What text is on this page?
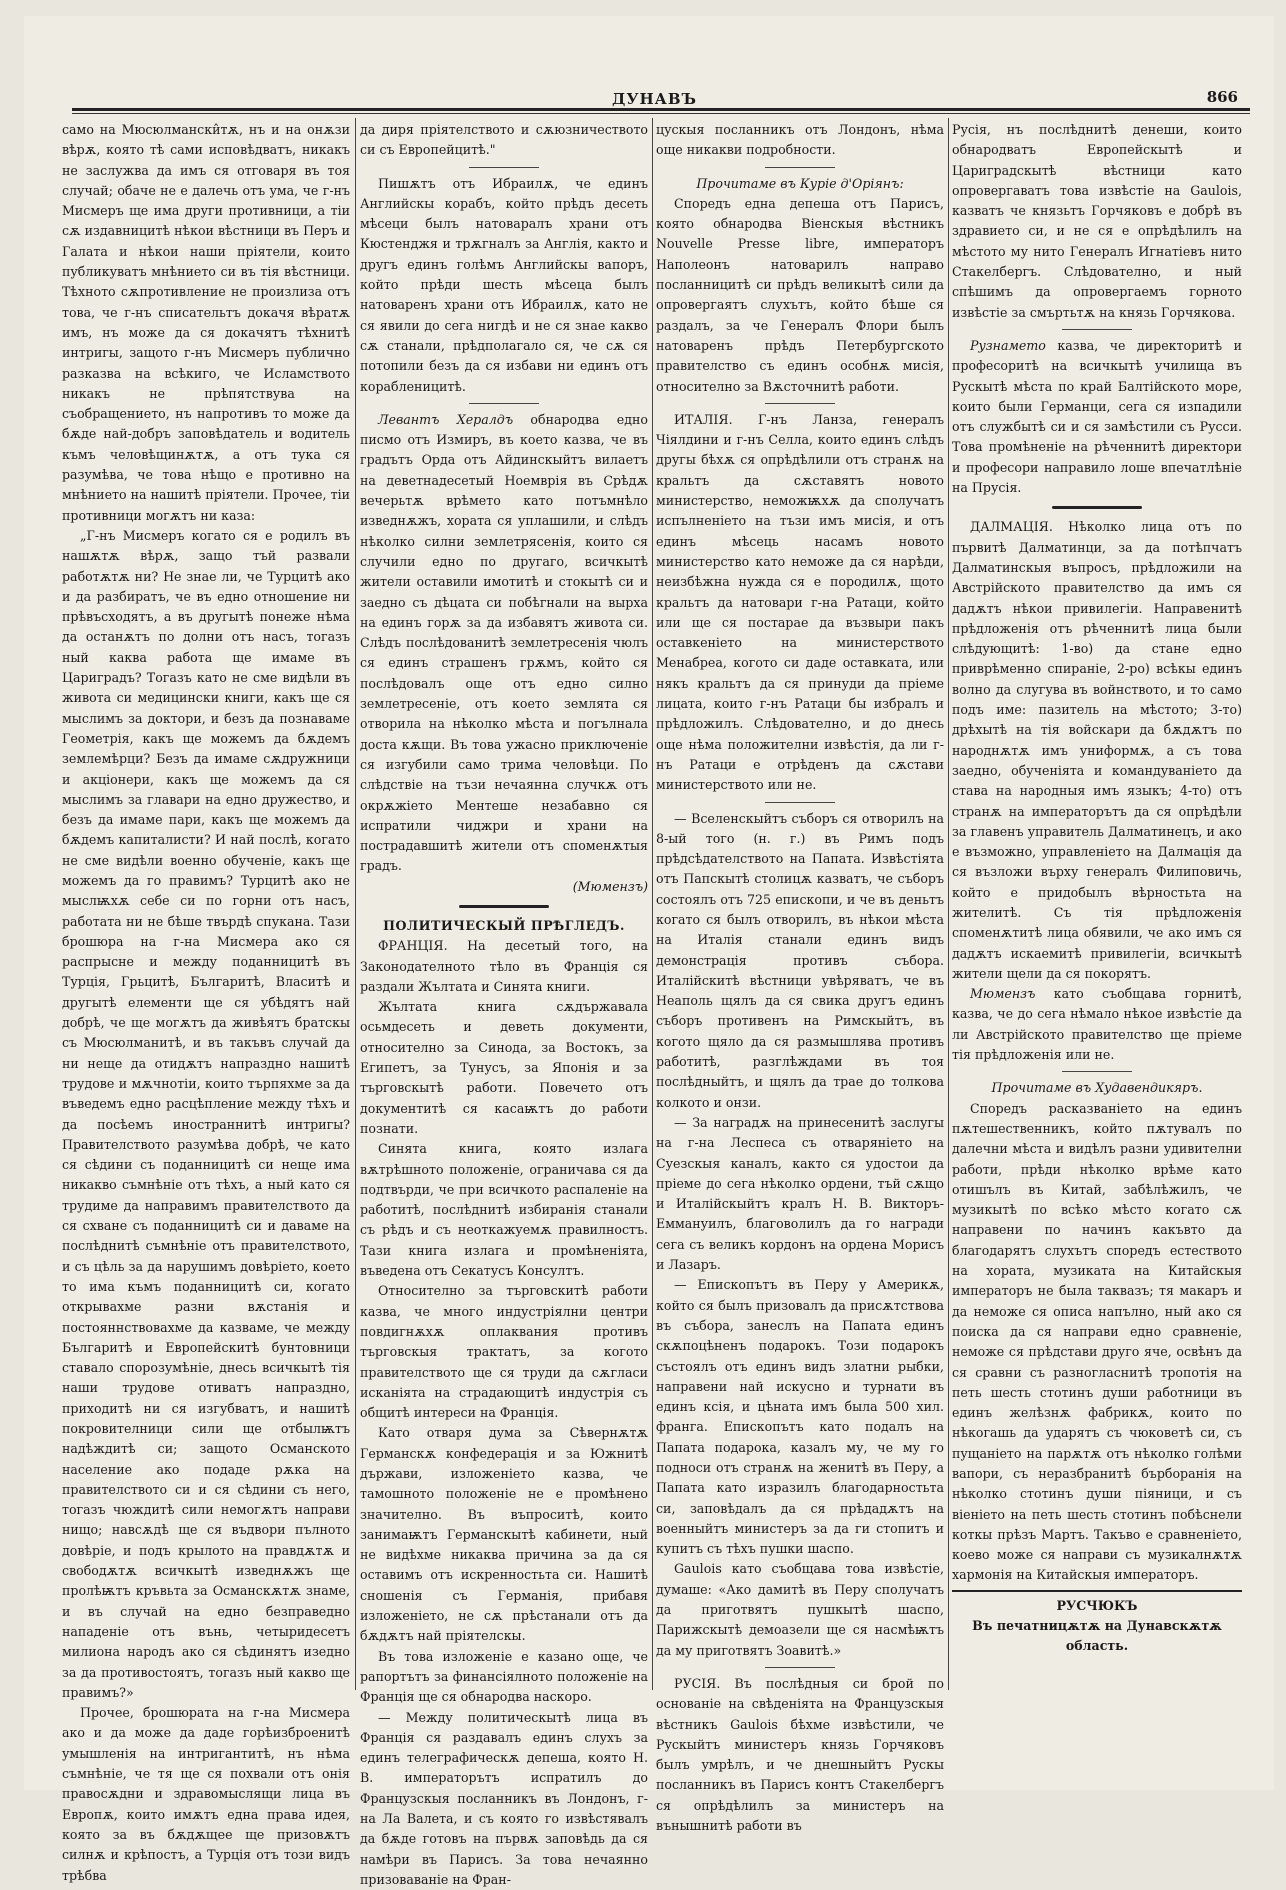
ДУНАВЪ	866

само на Мюсюлмански̂тѫ, нъ и на онѫзи вѣрѫ, която тѣ сами исповѣдватъ, никакъ не заслужва да имъ ся отговаря въ тоя случай; обаче не е далечь отъ ума, че г-нъ Мисмеръ ще има други противници, а тіи сѫ издавницитѣ нѣкои вѣстници въ Перъ и Галата и нѣкои наши пріятели, които публикуватъ мнѣнието си въ тія вѣстници. Тѣхното сѫпротивление не произлиза отъ това, че г-нъ списательтъ докачя вѣратѫ имъ, нъ може да ся докачятъ тѣхнитѣ интригы, защото г-нъ Мисмеръ публично разказва на всѣкиго, че Исламството никакъ не прѣпятствува на съобращението, нъ напротивъ то може да бѫде най-добръ заповѣдатель и водитель къмъ человѣщинѫтѫ, а отъ тука ся разумѣва, че това нѣщо е противно на мнѣнието на нашитѣ пріятели. Прочее, тіи противници могѫтъ ни каза:

„Г-нъ Мисмеръ когато ся е родилъ въ нашѫтѫ вѣрѫ, защо тъй развали работѫтѫ ни? Не знае ли, че Турцитѣ ако и да разбиратъ, че въ едно отношение ни прѣвъсходятъ, а въ другытѣ понеже нѣма да останѫтъ по долни отъ насъ, тогазъ ный каква работа ще имаме въ Цариградъ? Тогазъ като не сме видѣли въ живота си медицински книги, какъ ще ся мыслимъ за доктори, и безъ да познаваме Геометрія, какъ ще можемъ да бѫдемъ землемѣрци? Безъ да имаме сѫдружници и акціонери, какъ ще можемъ да ся мыслимъ за главари на едно дружество, и безъ да имаме пари, какъ ще можемъ да бѫдемъ капиталисти? И най послѣ, когато не сме видѣли военно обученіе, какъ ще можемъ да го правимъ? Турцитѣ ако не мыслѭхѫ себе си по горни отъ насъ, работата ни не бѣше твърдѣ спукана. Тази брошюра на г-на Мисмера ако ся распрысне и между поданницитѣ въ Турція, Грьцитѣ, Българитѣ, Власитѣ и другытѣ елементи ще ся убѣдятъ най добрѣ, че ще могѫтъ да живѣятъ братскы съ Мюсюлманитѣ, и въ такъвъ случай да ни неще да отидѫтъ напраздно нашитѣ трудове и мѫчнотіи, които търпяхме за да въведемъ едно расцѣпление между тѣхъ и да посѣемъ иностраннитѣ интригы? Правителството разумѣва добрѣ, че като ся сѣдини съ поданницитѣ си неще има никакво съмнѣніе отъ тѣхъ, а ный като ся трудиме да направимъ правителството да ся схване съ поданницитѣ си и даваме на послѣднитѣ съмнѣніе отъ правителството, и съ цѣль за да нарушимъ довѣріето, което то има къмъ поданницитѣ си, когато открывахме разни вѫстанія и постояннствовахме да казваме, че между Българитѣ и Европейскитѣ бунтовници ставало спорозумѣніе, днесь всичкытѣ тія наши трудове отиватъ напраздно, приходитѣ ни ся изгубватъ, и нашитѣ покровителници сили ще отбылѭтъ надѣждитѣ си; защото Османското население ако подаде рѫка на правителството си и ся сѣдини съ него, тогазъ чюждитѣ сили немогѫтъ направи нищо; навсѫдѣ ще ся въдвори пълното довѣріе, и подъ крылото на правдѫтѫ и свободѫтѫ всичкытѣ изведнѫжъ ще пролѣѭтъ кръвьта за Османскѫтѫ знаме, и въ случай на едно безправедно нападеніе отъ вънь, четыридесетъ милиона народъ ако ся сѣдинятъ изедно за да противостоятъ, тогазъ ный какво ще правимъ?»

Прочее, брошюрата на г-на Мисмера ако и да може да даде горѣизброенитѣ умышленія на интригантитѣ, нъ нѣма съмнѣніе, че тя ще ся похвали отъ онія правосѫдни и здравомыслящи лица въ Европѫ, които имѫтъ една права идея, която за въ бѫдѫщее ще призовѫтъ силнѫ и крѣпостъ, а Турція отъ този видъ трѣбва

да диря пріятелството и сѫюзничеството си съ Европейцитѣ."

Пишѫтъ отъ Ибраилѫ, че единъ Английскы корабъ, който прѣдъ десеть мѣсеци былъ натоваралъ храни отъ Кюстенджя и трѫгналъ за Англія, както и другъ единъ голѣмъ Английскы вапоръ, който прѣди шесть мѣсеца былъ натоваренъ храни отъ Ибраилѫ, като не ся явили до сега нигдѣ и не ся знае какво сѫ станали, прѣдполагало ся, че сѫ ся потопили безъ да ся избави ни единъ отъ корабленицитѣ.

Левантъ Хералдъ обнародва едно писмо отъ Измиръ, въ което казва, че въ градътъ Орда отъ Айдинскыйтъ вилаетъ на деветнадесетый Ноемврія въ Срѣдѫ вечерьтѫ врѣмето като потъмнѣло изведнѫжъ, хората ся уплашили, и слѣдъ нѣколко силни землетрясенія, които ся случили едно по другаго, всичкытѣ жители оставили имотитѣ и стокытѣ си и заедно съ дѣцата си побѣгнали на вырха на единъ горѫ за да избавятъ живота си. Слѣдъ послѣдованитѣ землетресенія чюлъ ся единъ страшенъ грѫмъ, който ся послѣдовалъ още отъ едно силно землетресеніе, отъ което землята ся отворила на нѣколко мѣста и погълнала доста кѫщи. Въ това ужасно приключеніе ся изгубили само трима человѣци. По слѣдствіе на тъзи нечаянна случкѫ отъ окрѫжіето Ментеше незабавно ся испратили чиджри и храни на пострадавшитѣ жители отъ споменѫтыя градъ.

(Мюмензъ)

ПОЛИТИЧЕСКЫЙ ПРѢГЛЕДЪ.

ФРАНЦІЯ. На десетый того, на Законодателното тѣло въ Франція ся раздали Жълтата и Синята книги.

Жълтата книга сѫдържавала осьмдесеть и деветь документи, относително за Синода, за Востокъ, за Египетъ, за Тунусъ, за Японія и за търговскытѣ работи. Повечето отъ документитѣ ся касаѭтъ до работи познати.

Синята книга, която излага вѫтрѣшното положеніе, ограничава ся да подтвърди, че при всичкото распаленіе на работитѣ, послѣднитѣ избиранія станали съ рѣдъ и съ неоткажуемѫ правилностъ. Тази книга излага и промѣненіята, въведена отъ Секатусъ Консултъ.

Относително за търговскитѣ работи казва, че много индустріялни центри повдигнѫхѫ оплаквания противъ търговскыя трактатъ, за когото правителството ще ся труди да сѫгласи исканіята на страдающитѣ индустрія съ общитѣ интереси на Франція.

Като отваря дума за Сѣвернѫтѫ Германскѫ конфедерація и за Южнитѣ държави, изложеніето казва, че тамошното положеніе не е промѣнено значително. Въ въпроситѣ, които занимаѭтъ Германскытѣ кабинети, ный не видѣхме никаква причина за да ся оставимъ отъ искренностьта си. Нашитѣ сношенія съ Германія, прибавя изложеніето, не сѫ прѣстанали отъ да бѫдѫтъ най пріятелскы.

Въ това изложеніе е казано още, че рапортътъ за финансіялното положеніе на Франція ще ся обнародва наскоро.

— Между политическытѣ лица въ Франція ся раздавалъ единъ слухъ за единъ телеграфическѫ депеша, която Н. В. императорътъ испратилъ до Французскыя посланникъ въ Лондонъ, г-на Ла Валета, и съ която го извѣстявалъ да бѫде готовъ на първѫ заповѣдь да ся намѣри въ Парисъ. За това нечаянно призоваваніе на Фран-

цускыя посланникъ отъ Лондонъ, нѣма още никакви подробности.

Прочитаме въ Куріе д'Оріянъ:

Споредъ една депеша отъ Парисъ, която обнародва Віенскыя вѣстникъ Nouvelle Presse libre, императоръ Наполеонъ натоварилъ направо посланницитѣ си прѣдъ великытѣ сили да опровергаятъ слухътъ, който бѣше ся раздалъ, за че Генералъ Флори былъ натоваренъ прѣдъ Петербургското правителство съ единъ особнѫ мисія, относително за Вѫсточнитѣ работи.

ИТАЛІЯ. Г-нъ Ланза, генералъ Чіялдини и г-нъ Селла, които единъ слѣдъ другы бѣхѫ ся опрѣдѣлили отъ странѫ на кральтъ да сѫставятъ новото министерство, неможѭхѫ да сполучатъ испълненіето на тъзи имъ мисія, и отъ единъ мѣсець насамъ новото министерство като неможе да ся нарѣди, неизбѣжна нужда ся е породилѫ, щото кральтъ да натовари г-на Ратаци, който или ще ся постарае да възвыри пакъ оставкеніето на министерството Менабреа, когото си даде оставката, или някъ кральтъ да ся принуди да пріеме лицата, които г-нъ Ратаци бы избралъ и прѣдложилъ. Слѣдователно, и до днесь още нѣма положителни извѣстія, да ли г-нъ Ратаци е отрѣденъ да сѫстави министерството или не.

— Вселенскыйтъ съборъ ся отворилъ на 8-ый того (н. г.) въ Римъ подъ прѣдсѣдателството на Папата. Извѣстіята отъ Папскытѣ столицѫ казватъ, че съборъ состоялъ отъ 725 епископи, и че въ деньтъ когато ся былъ отворилъ, въ нѣкои мѣста на Италія станали единъ видъ демонстрація противъ събора. Италійскитѣ вѣстници увѣряватъ, че въ Неаполь щялъ да ся свика другъ единъ съборъ противенъ на Римскыйтъ, въ когото щяло да ся размышлява противъ работитѣ, разглѣждами въ тоя послѣдныйтъ, и щялъ да трае до толкова колкото и онзи.

— За наградѫ на принесенитѣ заслугы на г-на Леспеса съ отваряніето на Суезскыя каналъ, както ся удостои да пріеме до сега нѣколко ордени, тъй сѫщо и Италійскыйтъ кралъ Н. В. Викторъ-Еммануилъ, благоволилъ да го награди сега съ великъ кордонъ на ордена Морисъ и Лазаръ.

— Епископътъ въ Перу у Америкѫ, който ся былъ призовалъ да присѫтствова въ събора, занеслъ на Папата единъ скѫпоцѣненъ подарокъ. Този подарокъ състоялъ отъ единъ видъ златни рыбки, направени най искусно и турнати въ единъ ксія, и цѣната имъ была 500 хил. франга. Епископътъ като подалъ на Папата подарока, казалъ му, че му го подноси отъ странѫ на женитѣ въ Перу, а Папата като изразилъ благодарностьта си, заповѣдалъ да ся прѣдадѫтъ на военныйтъ министеръ за да ги стопитъ и купитъ съ тѣхъ пушки шаспо.

Gaulois като съобщава това извѣстіе, думаше: «Ако дамитѣ въ Перу сполучатъ да приготвятъ пушкытѣ шаспо, Парижскытѣ демоазели ще ся насмѣѭтъ да му приготвятъ Зоавитѣ.»

РУСІЯ. Въ послѣдныя си брой по основаніе на свѣденіята на Французскыя вѣстникъ Gaulois бѣхме извѣстили, че Рускыйтъ министеръ князь Горчяковъ былъ умрѣлъ, и че днешныйтъ Рускы посланникъ въ Парисъ контъ Стакелбергъ ся опрѣдѣлилъ за министеръ на вънышнитѣ работи въ

Русія, нъ послѣднитѣ денеши, които обнародватъ Европейскытѣ и Цариградскытѣ вѣстници като опровергаватъ това извѣстіе на Gaulois, казватъ че князьтъ Горчяковъ е добрѣ въ здравието си, и не ся е опрѣдѣлилъ на мѣстото му нито Генералъ Игнатіевъ нито Стакелбергъ. Слѣдователно, и ный спѣшимъ да опровергаемъ горното извѣстіе за смъртьтѫ на князь Горчякова.

Рузнамето казва, че директоритѣ и професоритѣ на всичкытѣ училища въ Рускытѣ мѣста по край Балтійското море, които были Германци, сега ся изпадили отъ службытѣ си и ся замѣстили съ Русси. Това промѣненіе на рѣченнитѣ директори и професори направило лоше впечатлѣніе на Прусія.

ДАЛМАЦІЯ. Нѣколко лица отъ по първитѣ Далматинци, за да потѣпчатъ Далматинскыя въпросъ, прѣдложили на Австрійското правителство да имъ ся дадѫтъ нѣкои привилегіи. Направенитѣ прѣдложенія отъ рѣченнитѣ лица были слѣдующитѣ: 1-во) да стане едно приврѣменно спираніе, 2-ро) всѣкы единъ волно да слугува въ войнството, и то само подъ име: пазитель на мѣстото; 3-то) дрѣхытѣ на тія войскари да бѫдѫтъ по народнѫтѫ имъ униформѫ, а съ това заедно, обученіята и командуваніето да става на народныя имъ языкъ; 4-то) отъ странѫ на императорътъ да ся опрѣдѣли за главенъ управитель Далматинецъ, и ако е възможно, управленіето на Далмація да ся възложи върху генералъ Филиповичь, който е придобылъ вѣрностьта на жителитѣ. Съ тія прѣдложенія споменѫтитѣ лица обявили, че ако имъ ся дадѫтъ искаемитѣ привилегіи, всичкытѣ жители щели да ся покорятъ.

Мюмензъ като съобщава горнитѣ, казва, че до сега нѣмало нѣкое извѣстіе да ли Австрійското правителство ще пріеме тія прѣдложенія или не.

Прочитаме въ Худавендикяръ.

Споредъ расказваніето на единъ пѫтешественникъ, който пѫтувалъ по далечни мѣста и видѣлъ разни удивителни работи, прѣди нѣколко врѣме като отишълъ въ Китай, забѣлѣжилъ, че музикытѣ по всѣко мѣсто когато сѫ направени по начинъ какъвто да благодарятъ слухътъ споредъ естеството на хората, музиката на Китайскыя императоръ не была таквазъ; тя макаръ и да неможе ся описа напълно, ный ако ся поиска да ся направи едно сравненіе, неможе ся прѣдстави друго яче, освѣнъ да ся сравни съ разногласнитѣ тропотія на петь шесть стотинъ души работници въ единъ желѣзнѫ фабрикѫ, които по нѣкогашь да ударятъ съ чюковетѣ си, съ пущаніето на парѫтѫ отъ нѣколко голѣми вапори, съ неразбранитѣ бърборанія на нѣколко стотинъ души піяници, и съ віеніето на петь шесть стотинъ побѣснели коткы прѣзъ Мартъ. Такъво е сравненіето, коево може ся направи съ музикалнѫтѫ хармонія на Китайскыя императоръ.

РУСЧЮКЪ

Въ печатницѫтѫ на Дунавскѫтѫ область.
